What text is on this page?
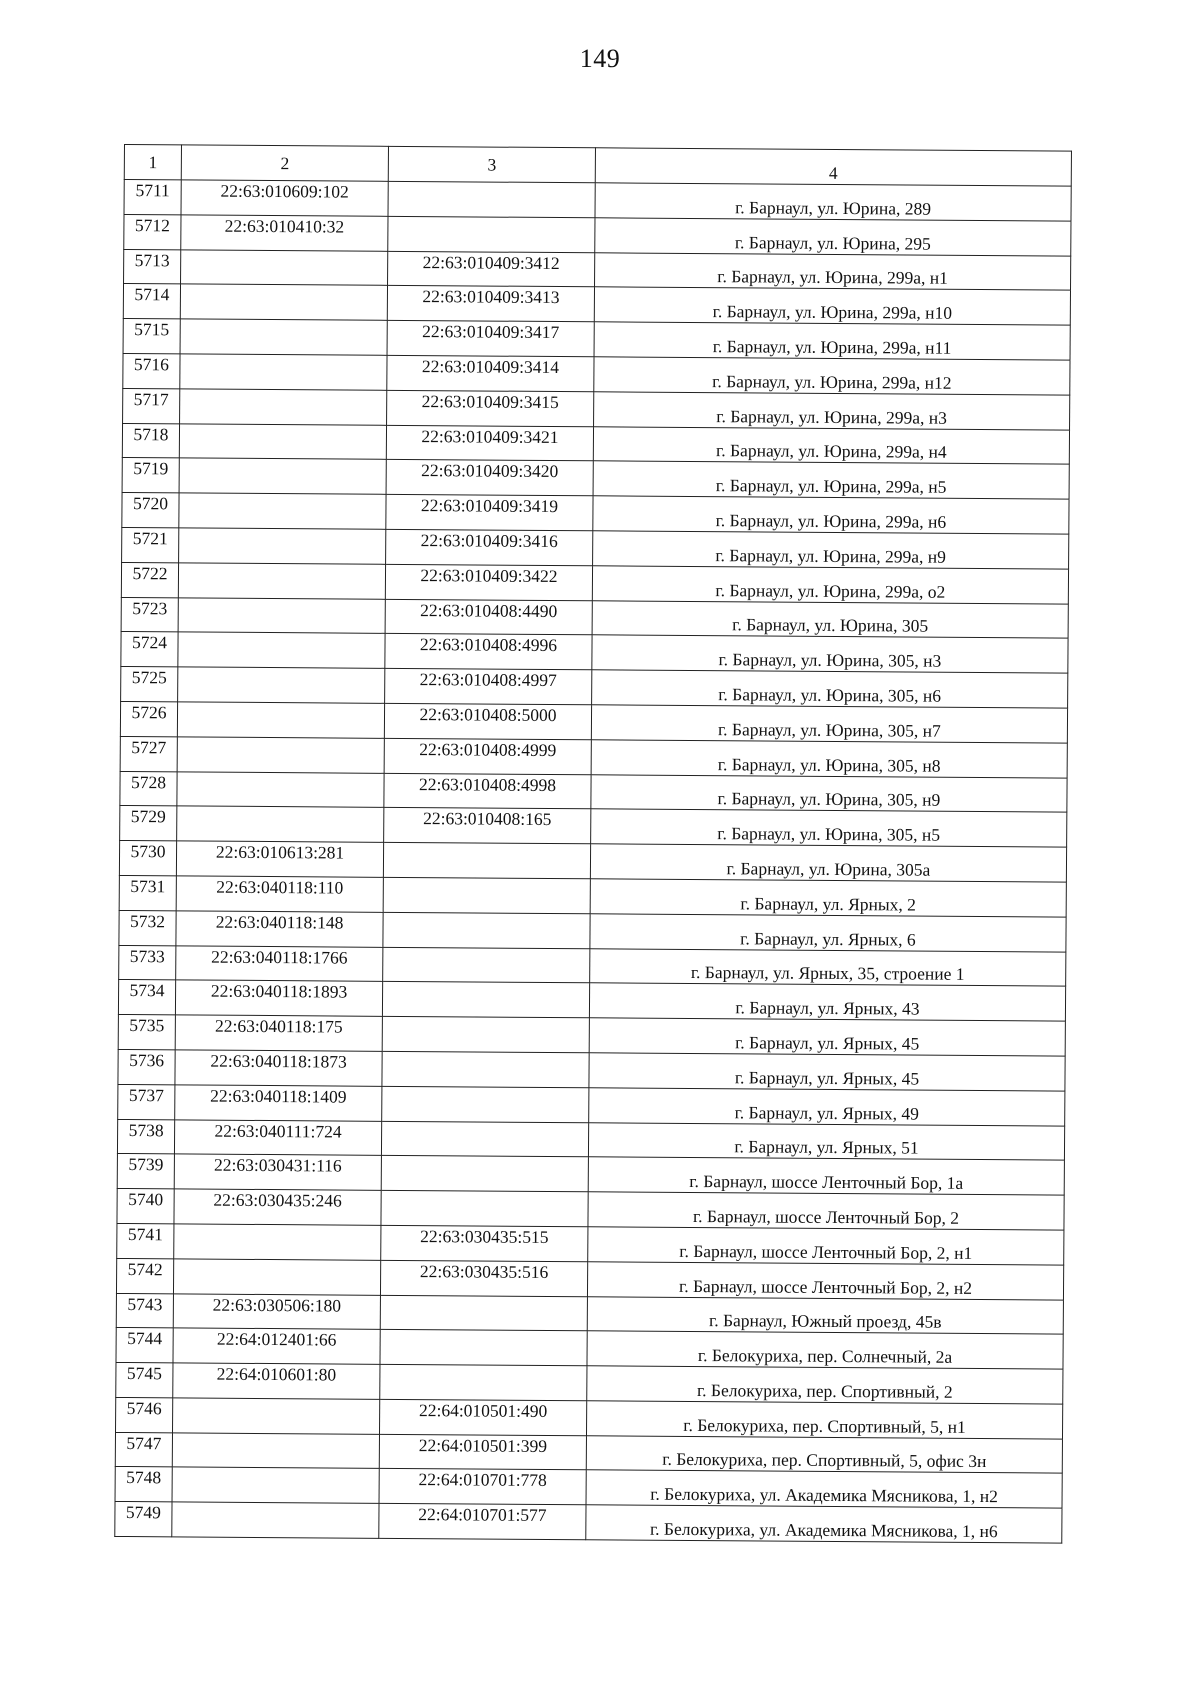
149
1	2	3	4
5711	22:63:010609:102		г. Барнаул, ул. Юрина, 289
5712	22:63:010410:32		г. Барнаул, ул. Юрина, 295
5713		22:63:010409:3412	г. Барнаул, ул. Юрина, 299а, н1
5714		22:63:010409:3413	г. Барнаул, ул. Юрина, 299а, н10
5715		22:63:010409:3417	г. Барнаул, ул. Юрина, 299а, н11
5716		22:63:010409:3414	г. Барнаул, ул. Юрина, 299а, н12
5717		22:63:010409:3415	г. Барнаул, ул. Юрина, 299а, н3
5718		22:63:010409:3421	г. Барнаул, ул. Юрина, 299а, н4
5719		22:63:010409:3420	г. Барнаул, ул. Юрина, 299а, н5
5720		22:63:010409:3419	г. Барнаул, ул. Юрина, 299а, н6
5721		22:63:010409:3416	г. Барнаул, ул. Юрина, 299а, н9
5722		22:63:010409:3422	г. Барнаул, ул. Юрина, 299а, о2
5723		22:63:010408:4490	г. Барнаул, ул. Юрина, 305
5724		22:63:010408:4996	г. Барнаул, ул. Юрина, 305, н3
5725		22:63:010408:4997	г. Барнаул, ул. Юрина, 305, н6
5726		22:63:010408:5000	г. Барнаул, ул. Юрина, 305, н7
5727		22:63:010408:4999	г. Барнаул, ул. Юрина, 305, н8
5728		22:63:010408:4998	г. Барнаул, ул. Юрина, 305, н9
5729		22:63:010408:165	г. Барнаул, ул. Юрина, 305, н5
5730	22:63:010613:281		г. Барнаул, ул. Юрина, 305а
5731	22:63:040118:110		г. Барнаул, ул. Ярных, 2
5732	22:63:040118:148		г. Барнаул, ул. Ярных, 6
5733	22:63:040118:1766		г. Барнаул, ул. Ярных, 35, строение 1
5734	22:63:040118:1893		г. Барнаул, ул. Ярных, 43
5735	22:63:040118:175		г. Барнаул, ул. Ярных, 45
5736	22:63:040118:1873		г. Барнаул, ул. Ярных, 45
5737	22:63:040118:1409		г. Барнаул, ул. Ярных, 49
5738	22:63:040111:724		г. Барнаул, ул. Ярных, 51
5739	22:63:030431:116		г. Барнаул, шоссе Ленточный Бор, 1а
5740	22:63:030435:246		г. Барнаул, шоссе Ленточный Бор, 2
5741		22:63:030435:515	г. Барнаул, шоссе Ленточный Бор, 2, н1
5742		22:63:030435:516	г. Барнаул, шоссе Ленточный Бор, 2, н2
5743	22:63:030506:180		г. Барнаул, Южный проезд, 45в
5744	22:64:012401:66		г. Белокуриха, пер. Солнечный, 2а
5745	22:64:010601:80		г. Белокуриха, пер. Спортивный, 2
5746		22:64:010501:490	г. Белокуриха, пер. Спортивный, 5, н1
5747		22:64:010501:399	г. Белокуриха, пер. Спортивный, 5, офис 3н
5748		22:64:010701:778	г. Белокуриха, ул. Академика Мясникова, 1, н2
5749		22:64:010701:577	г. Белокуриха, ул. Академика Мясникова, 1, н6
